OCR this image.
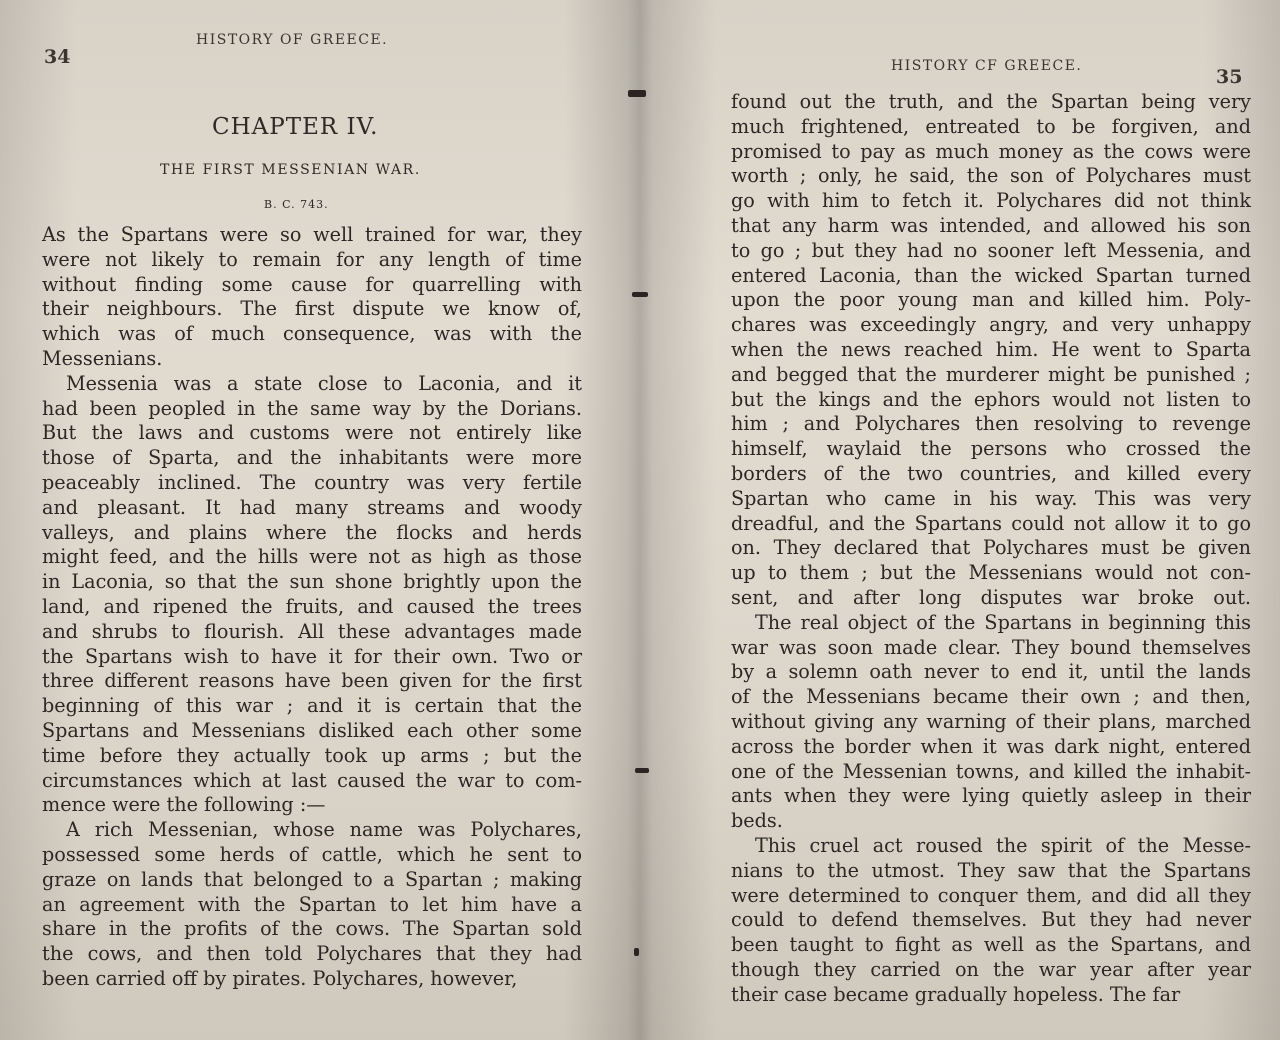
34
HISTORY OF GREECE.
CHAPTER IV.
THE FIRST MESSENIAN WAR.
B. C. 743.
As the Spartans were so well trained for war, they
were not likely to remain for any length of time
without finding some cause for quarrelling with
their neighbours. The first dispute we know of,
which was of much consequence, was with the
Messenians.
Messenia was a state close to Laconia, and it
had been peopled in the same way by the Dorians.
But the laws and customs were not entirely like
those of Sparta, and the inhabitants were more
peaceably inclined. The country was very fertile
and pleasant. It had many streams and woody
valleys, and plains where the flocks and herds
might feed, and the hills were not as high as those
in Laconia, so that the sun shone brightly upon the
land, and ripened the fruits, and caused the trees
and shrubs to flourish. All these advantages made
the Spartans wish to have it for their own. Two or
three different reasons have been given for the first
beginning of this war ; and it is certain that the
Spartans and Messenians disliked each other some
time before they actually took up arms ; but the
circumstances which at last caused the war to com-
mence were the following :—
A rich Messenian, whose name was Polychares,
possessed some herds of cattle, which he sent to
graze on lands that belonged to a Spartan ; making
an agreement with the Spartan to let him have a
share in the profits of the cows. The Spartan sold
the cows, and then told Polychares that they had
been carried off by pirates. Polychares, however,
HISTORY CF GREECE.	35
found out the truth, and the Spartan being very
much frightened, entreated to be forgiven, and
promised to pay as much money as the cows were
worth ; only, he said, the son of Polychares must
go with him to fetch it. Polychares did not think
that any harm was intended, and allowed his son
to go ; but they had no sooner left Messenia, and
entered Laconia, than the wicked Spartan turned
upon the poor young man and killed him. Poly-
chares was exceedingly angry, and very unhappy
when the news reached him. He went to Sparta
and begged that the murderer might be punished ;
but the kings and the ephors would not listen to
him ; and Polychares then resolving to revenge
himself, waylaid the persons who crossed the
borders of the two countries, and killed every
Spartan who came in his way. This was very
dreadful, and the Spartans could not allow it to go
on. They declared that Polychares must be given
up to them ; but the Messenians would not con-
sent, and after long disputes war broke out.
The real object of the Spartans in beginning this
war was soon made clear. They bound themselves
by a solemn oath never to end it, until the lands
of the Messenians became their own ; and then,
without giving any warning of their plans, marched
across the border when it was dark night, entered
one of the Messenian towns, and killed the inhabit-
ants when they were lying quietly asleep in their
beds.
This cruel act roused the spirit of the Messe-
nians to the utmost. They saw that the Spartans
were determined to conquer them, and did all they
could to defend themselves. But they had never
been taught to fight as well as the Spartans, and
though they carried on the war year after year
their case became gradually hopeless. The far
